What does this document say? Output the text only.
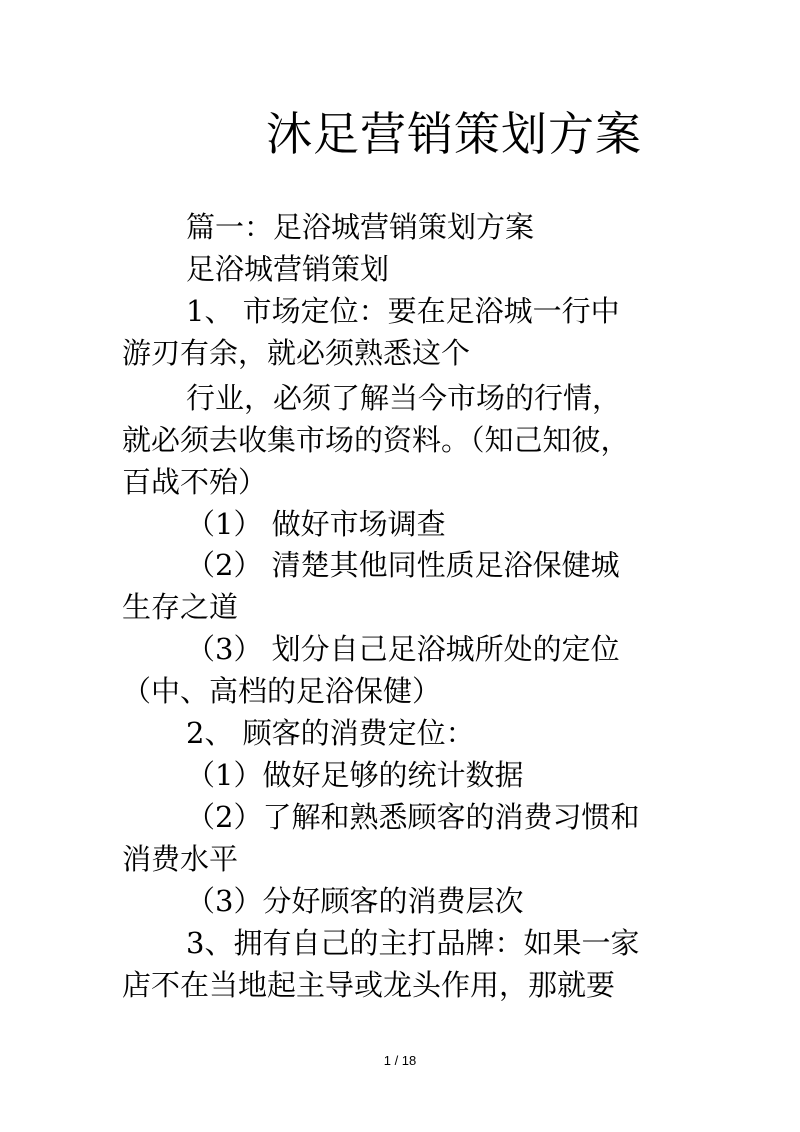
沐足营销策划方案
篇一：足浴城营销策划方案
足浴城营销策划
1、 市场定位：要在足浴城一行中
游刃有余，就必须熟悉这个
行业，必须了解当今市场的行情，
就必须去收集市场的资料。（知己知彼，
百战不殆）
（1） 做好市场调查
（2） 清楚其他同性质足浴保健城
生存之道
（3） 划分自己足浴城所处的定位
（中、高档的足浴保健）
2、 顾客的消费定位：
（1）做好足够的统计数据
（2）了解和熟悉顾客的消费习惯和
消费水平
（3）分好顾客的消费层次
3、拥有自己的主打品牌：如果一家
店不在当地起主导或龙头作用，那就要
1 / 18
